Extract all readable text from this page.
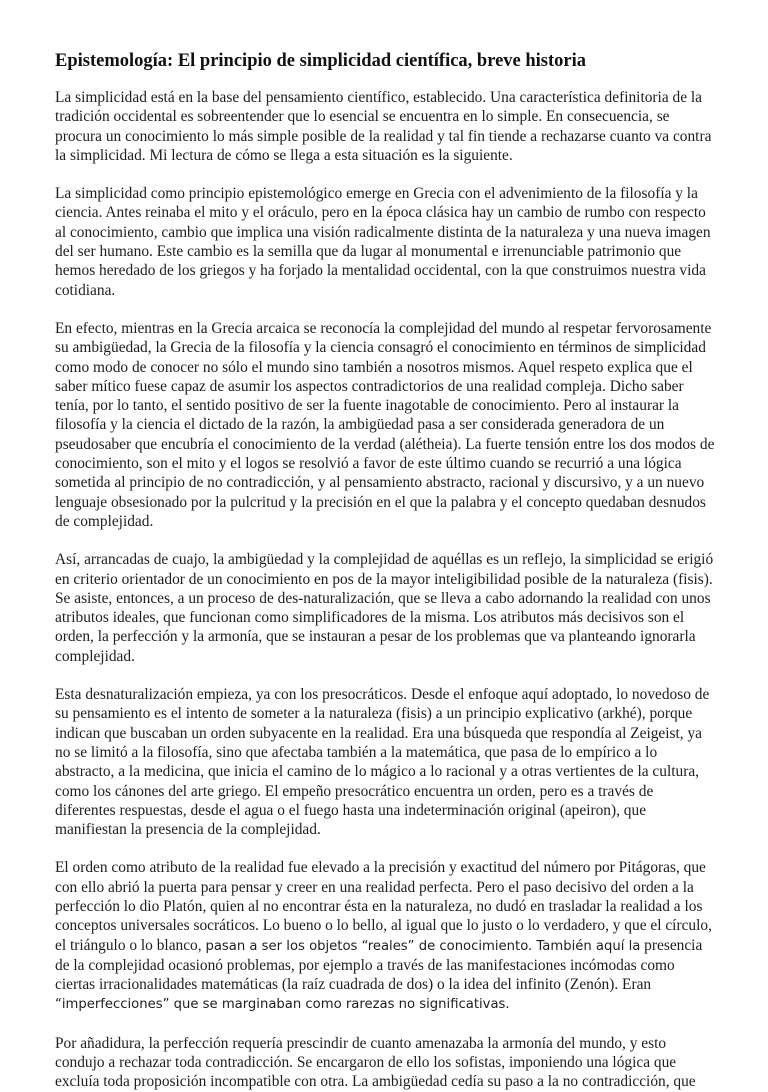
Epistemología: El principio de simplicidad científica, breve historia

La simplicidad está en la base del pensamiento científico, establecido. Una característica definitoria de la tradición occidental es sobreentender que lo esencial se encuentra en lo simple. En consecuencia, se procura un conocimiento lo más simple posible de la realidad y tal fin tiende a rechazarse cuanto va contra la simplicidad. Mi lectura de cómo se llega a esta situación es la siguiente.

La simplicidad como principio epistemológico emerge en Grecia con el advenimiento de la filosofía y la ciencia. Antes reinaba el mito y el oráculo, pero en la época clásica hay un cambio de rumbo con respecto al conocimiento, cambio que implica una visión radicalmente distinta de la naturaleza y una nueva imagen del ser humano. Este cambio es la semilla que da lugar al monumental e irrenunciable patrimonio que hemos heredado de los griegos y ha forjado la mentalidad occidental, con la que construimos nuestra vida cotidiana.

En efecto, mientras en la Grecia arcaica se reconocía la complejidad del mundo al respetar fervorosamente su ambigüedad, la Grecia de la filosofía y la ciencia consagró el conocimiento en términos de simplicidad como modo de conocer no sólo el mundo sino también a nosotros mismos. Aquel respeto explica que el saber mítico fuese capaz de asumir los aspectos contradictorios de una realidad compleja. Dicho saber tenía, por lo tanto, el sentido positivo de ser la fuente inagotable de conocimiento. Pero al instaurar la filosofía y la ciencia el dictado de la razón, la ambigüedad pasa a ser considerada generadora de un pseudosaber que encubría el conocimiento de la verdad (alétheia). La fuerte tensión entre los dos modos de conocimiento, son el mito y el logos se resolvió a favor de este último cuando se recurrió a una lógica sometida al principio de no contradicción, y al pensamiento abstracto, racional y discursivo, y a un nuevo lenguaje obsesionado por la pulcritud y la precisión en el que la palabra y el concepto quedaban desnudos de complejidad.

Así, arrancadas de cuajo, la ambigüedad y la complejidad de aquéllas es un reflejo, la simplicidad se erigió en criterio orientador de un conocimiento en pos de la mayor inteligibilidad posible de la naturaleza (fisis). Se asiste, entonces, a un proceso de des-naturalización, que se lleva a cabo adornando la realidad con unos atributos ideales, que funcionan como simplificadores de la misma. Los atributos más decisivos son el orden, la perfección y la armonía, que se instauran a pesar de los problemas que va planteando ignorarla complejidad.

Esta desnaturalización empieza, ya con los presocráticos. Desde el enfoque aquí adoptado, lo novedoso de su pensamiento es el intento de someter a la naturaleza (fisis) a un principio explicativo (arkhé), porque indican que buscaban un orden subyacente en la realidad. Era una búsqueda que respondía al Zeigeist, ya no se limitó a la filosofía, sino que afectaba también a la matemática, que pasa de lo empírico a lo abstracto, a la medicina, que inicia el camino de lo mágico a lo racional y a otras vertientes de la cultura, como los cánones del arte griego. El empeño presocrático encuentra un orden, pero es a través de diferentes respuestas, desde el agua o el fuego hasta una indeterminación original (apeiron), que manifiestan la presencia de la complejidad.

El orden como atributo de la realidad fue elevado a la precisión y exactitud del número por Pitágoras, que con ello abrió la puerta para pensar y creer en una realidad perfecta. Pero el paso decisivo del orden a la perfección lo dio Platón, quien al no encontrar ésta en la naturaleza, no dudó en trasladar la realidad a los conceptos universales socráticos. Lo bueno o lo bello, al igual que lo justo o lo verdadero, y que el círculo, el triángulo o lo blanco, pasan a ser los objetos “reales” de conocimiento. También aquí la presencia de la complejidad ocasionó problemas, por ejemplo a través de las manifestaciones incómodas como ciertas irracionalidades matemáticas (la raíz cuadrada de dos) o la idea del infinito (Zenón). Eran “imperfecciones” que se marginaban como rarezas no significativas.

Por añadidura, la perfección requería prescindir de cuanto amenazaba la armonía del mundo, y esto condujo a rechazar toda contradicción. Se encargaron de ello los sofistas, imponiendo una lógica que excluía toda proposición incompatible con otra. La ambigüedad cedía su paso a la no contradicción, que
